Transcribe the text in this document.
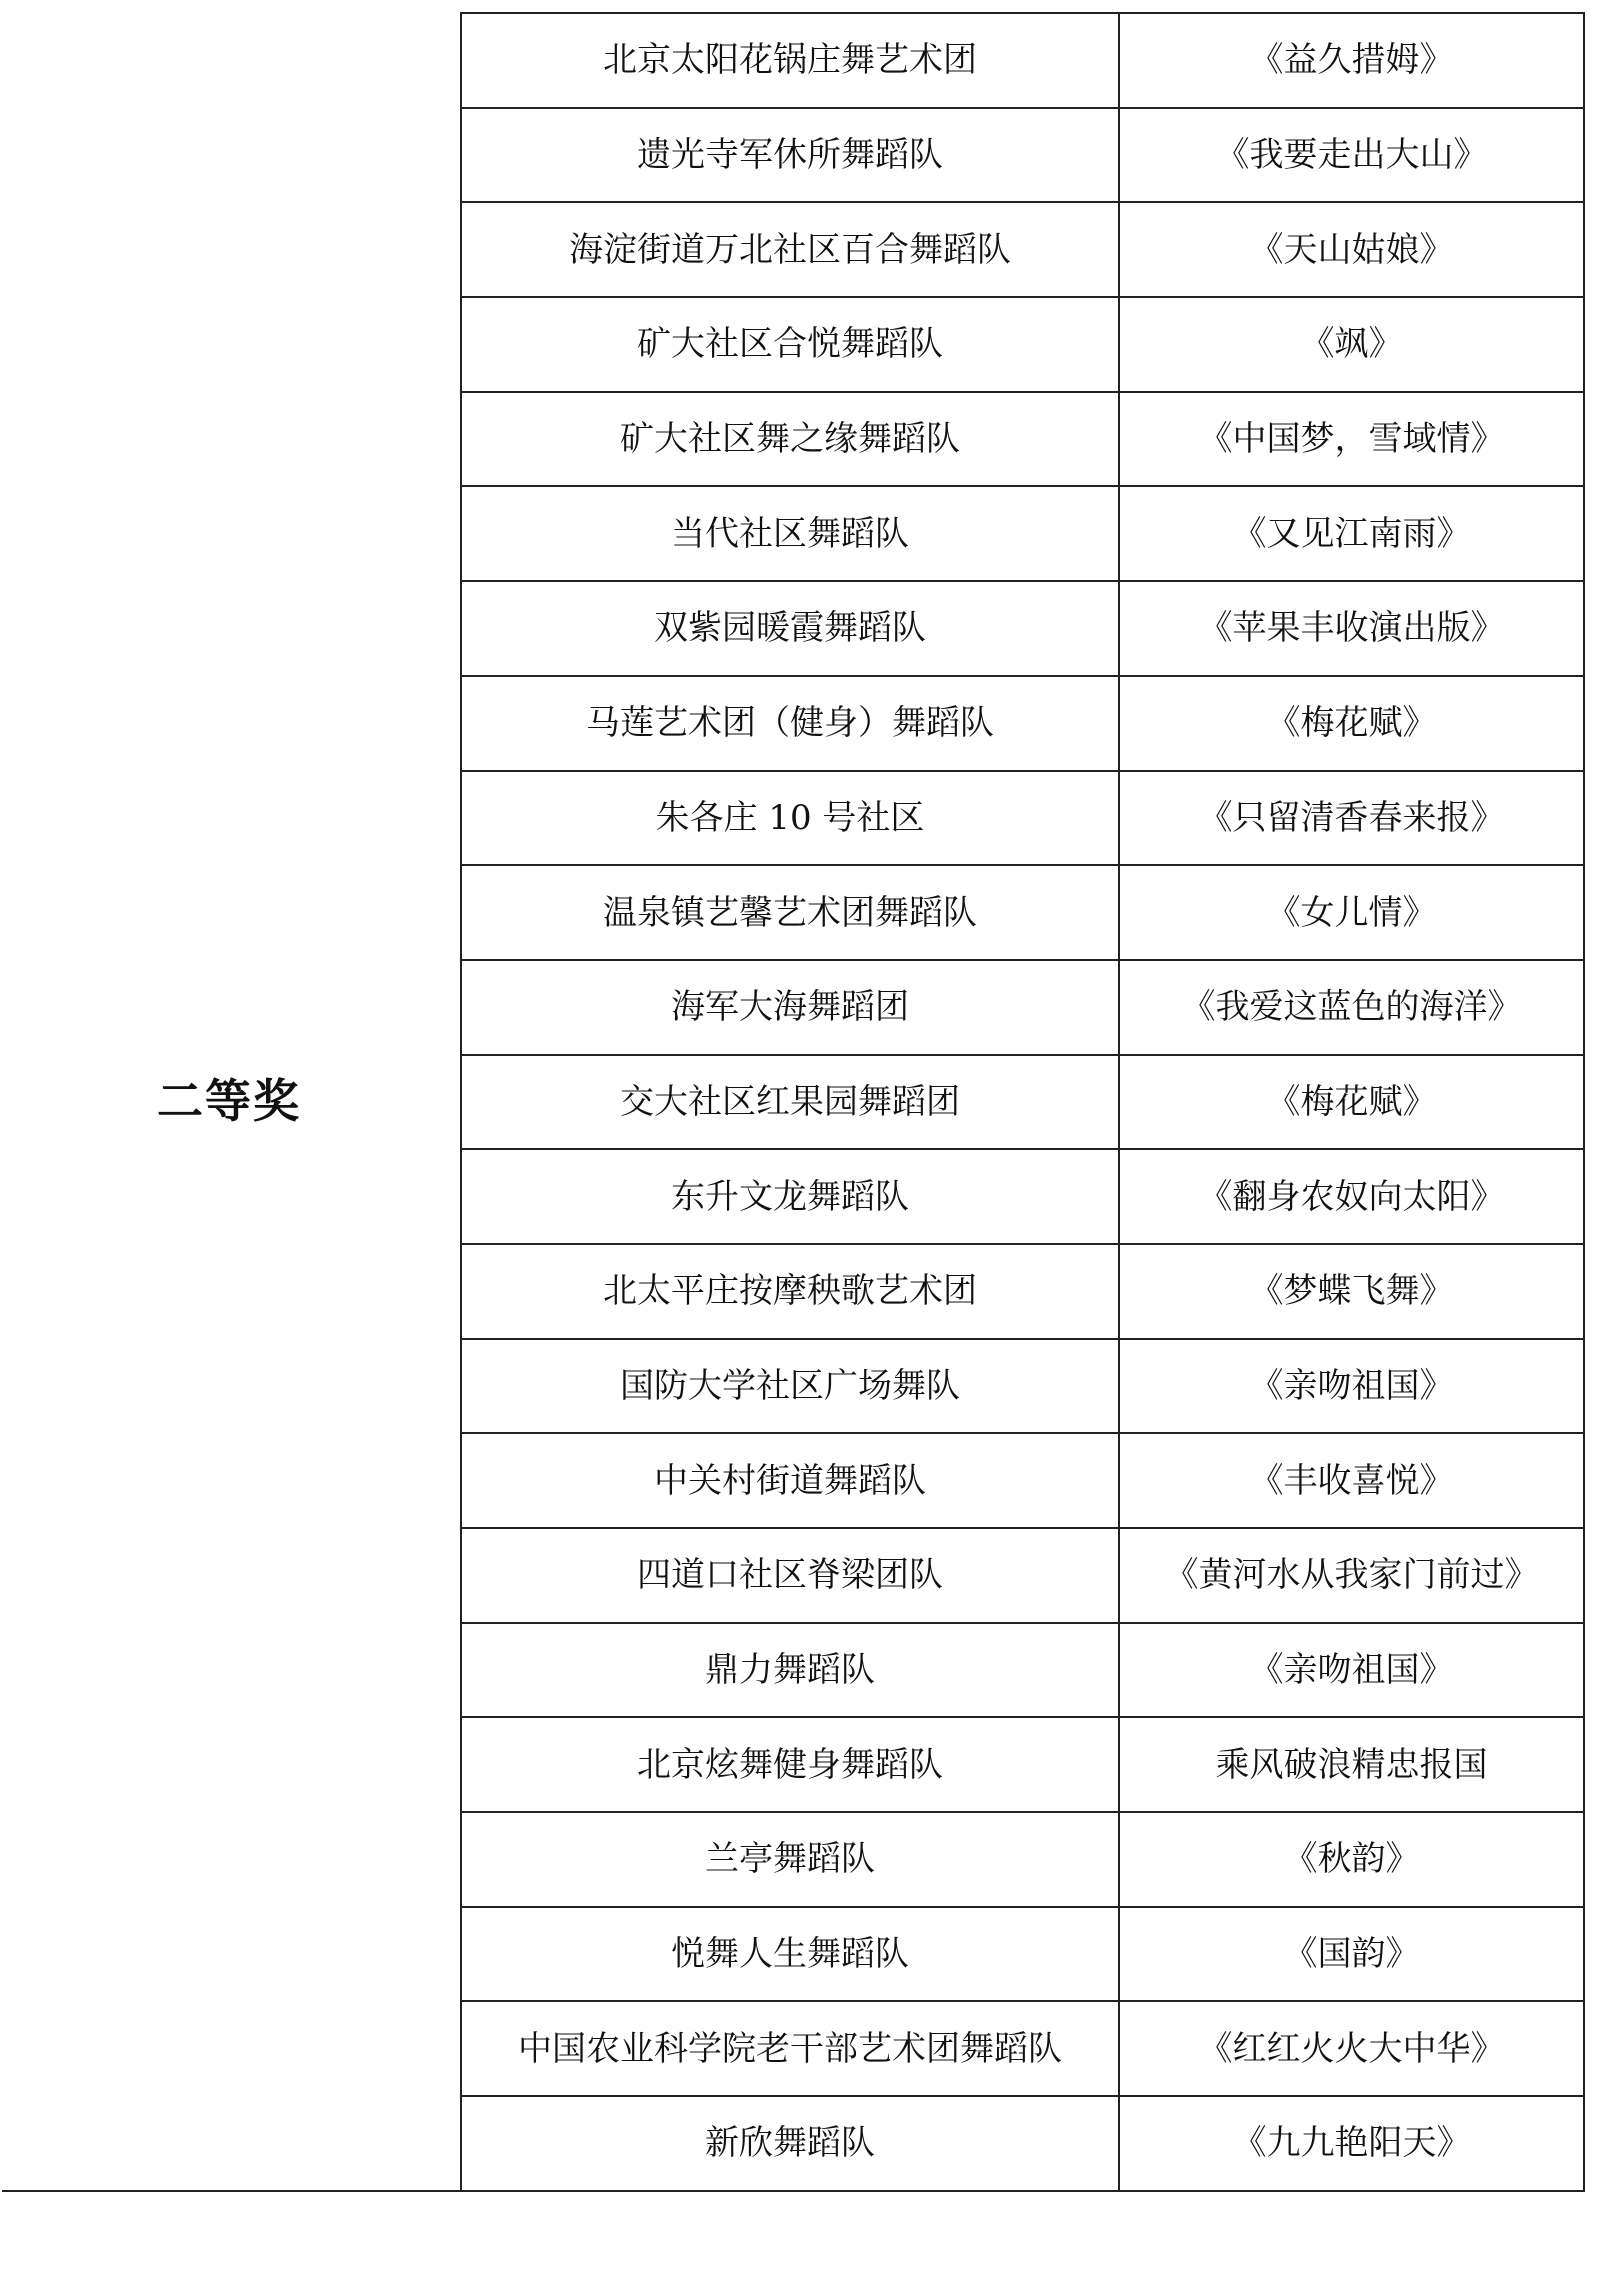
二等奖	北京太阳花锅庄舞艺术团	《益久措姆》
	遗光寺军休所舞蹈队	《我要走出大山》
	海淀街道万北社区百合舞蹈队	《天山姑娘》
	矿大社区合悦舞蹈队	《飒》
	矿大社区舞之缘舞蹈队	《中国梦，雪域情》
	当代社区舞蹈队	《又见江南雨》
	双紫园暖霞舞蹈队	《苹果丰收演出版》
	马莲艺术团（健身）舞蹈队	《梅花赋》
	朱各庄 10 号社区	《只留清香春来报》
	温泉镇艺馨艺术团舞蹈队	《女儿情》
	海军大海舞蹈团	《我爱这蓝色的海洋》
	交大社区红果园舞蹈团	《梅花赋》
	东升文龙舞蹈队	《翻身农奴向太阳》
	北太平庄按摩秧歌艺术团	《梦蝶飞舞》
	国防大学社区广场舞队	《亲吻祖国》
	中关村街道舞蹈队	《丰收喜悦》
	四道口社区脊梁团队	《黄河水从我家门前过》
	鼎力舞蹈队	《亲吻祖国》
	北京炫舞健身舞蹈队	乘风破浪精忠报国
	兰亭舞蹈队	《秋韵》
	悦舞人生舞蹈队	《国韵》
	中国农业科学院老干部艺术团舞蹈队	《红红火火大中华》
	新欣舞蹈队	《九九艳阳天》
